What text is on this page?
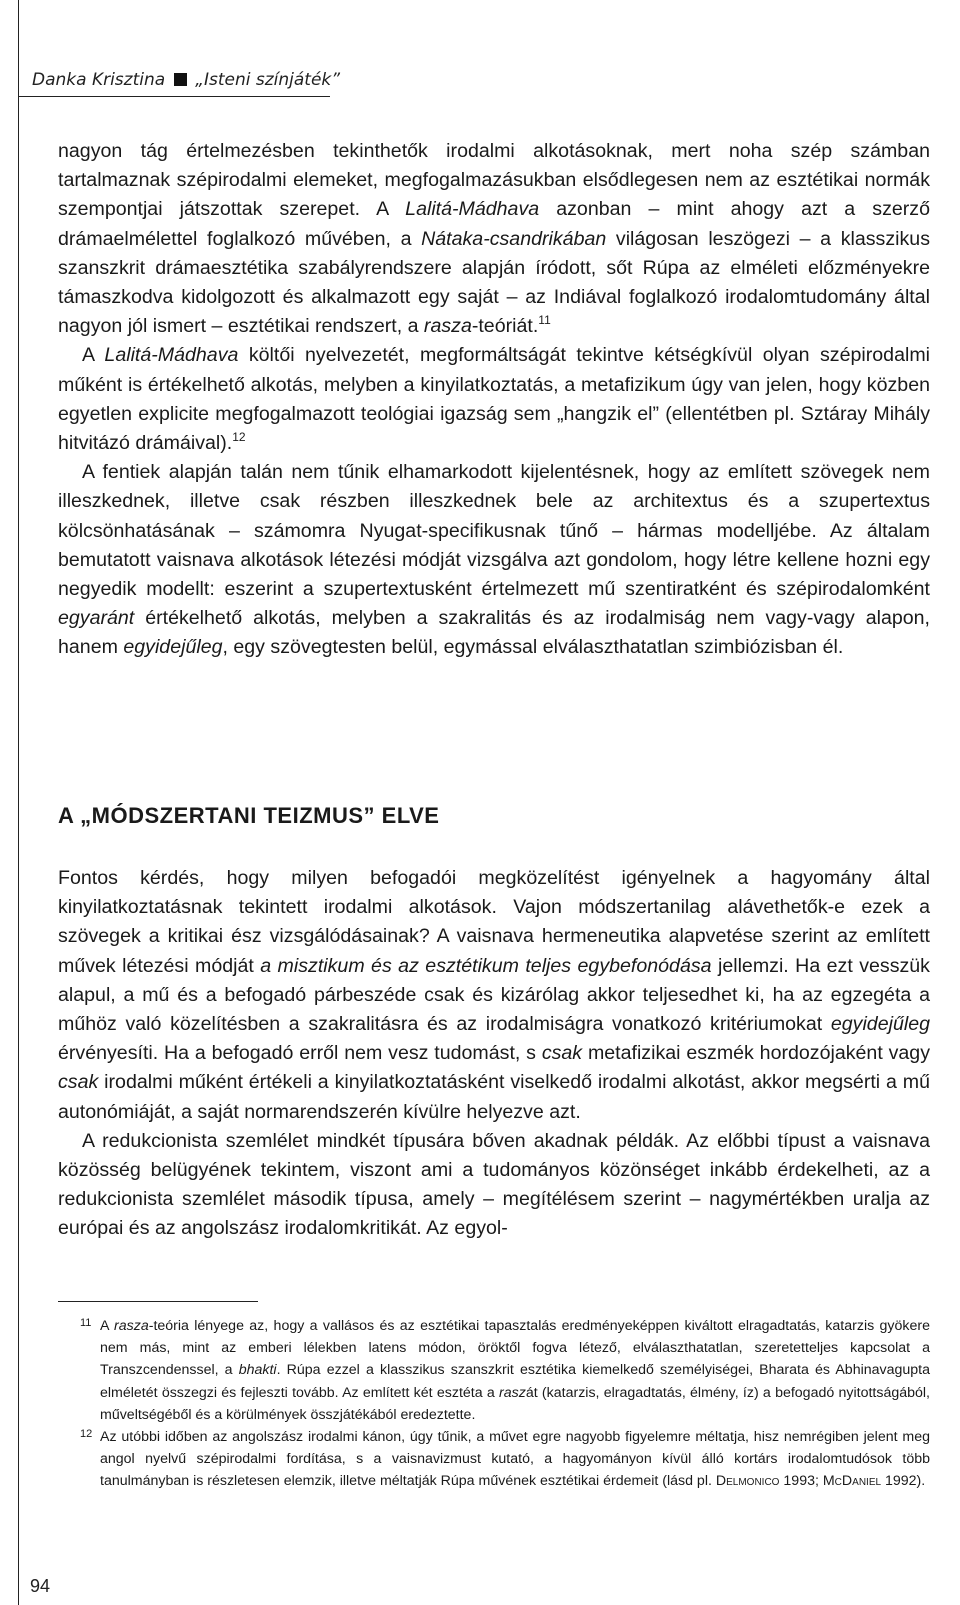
Danka Krisztina „Isteni színjáték”

nagyon tág értelmezésben tekinthetők irodalmi alkotásoknak, mert noha szép számban tartalmaznak szépirodalmi elemeket, megfogalmazásukban elsődlegesen nem az esztétikai normák szempontjai játszottak szerepet. A Lalitá-Mádhava azonban – mint ahogy azt a szerző drámaelmélettel foglalkozó művében, a Nátaka-csandrikában világosan leszögezi – a klasszikus szanszkrit drámaesztétika szabályrendszere alapján íródott, sőt Rúpa az elméleti előzményekre támaszkodva kidolgozott és alkalmazott egy saját – az Indiával foglalkozó irodalomtudomány által nagyon jól ismert – esztétikai rendszert, a rasza-teóriát.$^{11}$

A Lalitá-Mádhava költői nyelvezetét, megformáltságát tekintve kétségkívül olyan szépirodalmi műként is értékelhető alkotás, melyben a kinyilatkoztatás, a metafizikum úgy van jelen, hogy közben egyetlen explicite megfogalmazott teológiai igazság sem „hangzik el” (ellentétben pl. Sztáray Mihály hitvitázó drámáival).$^{12}$

A fentiek alapján talán nem tűnik elhamarkodott kijelentésnek, hogy az említett szövegek nem illeszkednek, illetve csak részben illeszkednek bele az architextus és a szupertextus kölcsönhatásának – számomra Nyugat-specifikusnak tűnő – hármas modelljébe. Az általam bemutatott vaisnava alkotások létezési módját vizsgálva azt gondolom, hogy létre kellene hozni egy negyedik modellt: eszerint a szupertextusként értelmezett mű szentiratként és szépirodalomként egyaránt értékelhető alkotás, melyben a szakralitás és az irodalmiság nem vagy-vagy alapon, hanem egyidejűleg, egy szövegtesten belül, egymással elválaszthatatlan szimbiózisban él.

A „MÓDSZERTANI TEIZMUS” ELVE

Fontos kérdés, hogy milyen befogadói megközelítést igényelnek a hagyomány által kinyilatkoztatásnak tekintett irodalmi alkotások. Vajon módszertanilag alávethetők-e ezek a szövegek a kritikai ész vizsgálódásainak? A vaisnava hermeneutika alapvetése szerint az említett művek létezési módját a misztikum és az esztétikum teljes egybefonódása jellemzi. Ha ezt vesszük alapul, a mű és a befogadó párbeszéde csak és kizárólag akkor teljesedhet ki, ha az egzegéta a műhöz való közelítésben a szakralitásra és az irodalmiságra vonatkozó kritériumokat egyidejűleg érvényesíti. Ha a befogadó erről nem vesz tudomást, s csak metafizikai eszmék hordozójaként vagy csak irodalmi műként értékeli a kinyilatkoztatásként viselkedő irodalmi alkotást, akkor megsérti a mű autonómiáját, a saját normarendszerén kívülre helyezve azt.

A redukcionista szemlélet mindkét típusára bőven akadnak példák. Az előbbi típust a vaisnava közösség belügyének tekintem, viszont ami a tudományos közönséget inkább érdekelheti, az a redukcionista szemlélet második típusa, amely – megítélésem szerint – nagymértékben uralja az európai és az angolszász irodalomkritikát. Az egyol-

11 A rasza-teória lényege az, hogy a vallásos és az esztétikai tapasztalás eredményeképpen kiváltott elragadtatás, katarzis gyökere nem más, mint az emberi lélekben latens módon, öröktől fogva létező, elválaszthatatlan, szeretetteljes kapcsolat a Transzcendenssel, a bhakti. Rúpa ezzel a klasszikus szanszkrit esztétika kiemelkedő személyiségei, Bharata és Abhinavagupta elméletét összegzi és fejleszti tovább. Az említett két esztéta a raszát (katarzis, elragadtatás, élmény, íz) a befogadó nyitottságából, műveltségéből és a körülmények összjátékából eredeztette.

12 Az utóbbi időben az angolszász irodalmi kánon, úgy tűnik, a művet egre nagyobb figyelemre méltatja, hisz nemrégiben jelent meg angol nyelvű szépirodalmi fordítása, s a vaisnavizmust kutató, a hagyományon kívül álló kortárs irodalomtudósok több tanulmányban is részletesen elemzik, illetve méltatják Rúpa művének esztétikai érdemeit (lásd pl. Delmonico 1993; McDaniel 1992).

94
